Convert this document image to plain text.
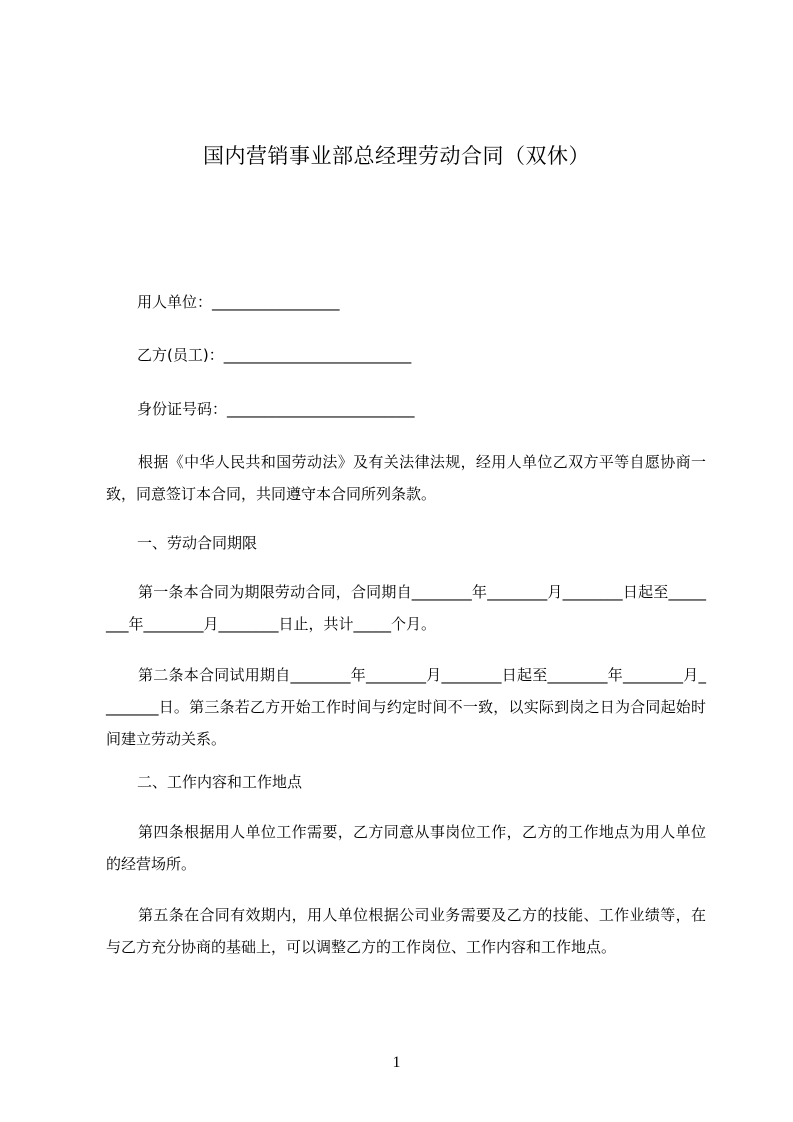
国内营销事业部总经理劳动合同（双休）
用人单位：_________________
乙方(员工)：_________________________
身份证号码：_________________________

根据《中华人民共和国劳动法》及有关法律法规，经用人单位乙双方平等自愿协商一致，同意签订本合同，共同遵守本合同所列条款。

一、劳动合同期限

第一条本合同为期限劳动合同，合同期自________年________月________日起至________年________月________日止，共计_____个月。

第二条本合同试用期自________年________月________日起至________年________月________日。第三条若乙方开始工作时间与约定时间不一致，以实际到岗之日为合同起始时间建立劳动关系。

二、工作内容和工作地点

第四条根据用人单位工作需要，乙方同意从事岗位工作，乙方的工作地点为用人单位的经营场所。

第五条在合同有效期内，用人单位根据公司业务需要及乙方的技能、工作业绩等，在与乙方充分协商的基础上，可以调整乙方的工作岗位、工作内容和工作地点。

1
